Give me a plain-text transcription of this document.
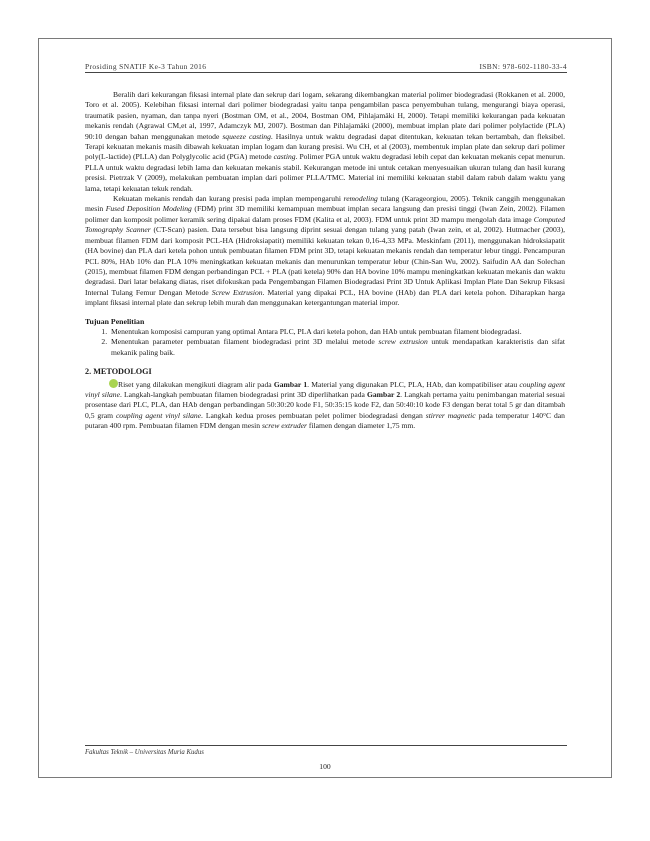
Prosiding SNATIF Ke-3 Tahun 2016	ISBN: 978-602-1180-33-4

Beralih dari kekurangan fiksasi internal plate dan sekrup dari logam, sekarang dikembangkan material polimer biodegradasi (Rokkanen et al. 2000, Toro et al. 2005). Kelebihan fiksasi internal dari polimer biodegradasi yaitu tanpa pengambilan pasca penyembuhan tulang, mengurangi biaya operasi, traumatik pasien, nyaman, dan tanpa nyeri (Bostman OM, et al., 2004, Bostman OM, Pihlajamäki H, 2000). Tetapi memiliki kekurangan pada kekuatan mekanis rendah (Agrawal CM,et al, 1997, Adamczyk MJ, 2007). Bostman dan Pihlajamäki (2000), membuat implan plate dari polimer polylactide (PLA) 90:10 dengan bahan menggunakan metode squeeze casting. Hasilnya untuk waktu degradasi dapat ditentukan, kekuatan tekan bertambah, dan fleksibel. Terapi kekuatan mekanis masih dibawah kekuatan implan logam dan kurang presisi. Wu CH, et al (2003), membentuk implan plate dan sekrup dari polimer poly(L-lactide) (PLLA) dan Polyglycolic acid (PGA) metode casting. Polimer PGA untuk waktu degradasi lebih cepat dan kekuatan mekanis cepat menurun. PLLA untuk waktu degradasi lebih lama dan kekuatan mekanis stabil. Kekurangan metode ini untuk cetakan menyesuaikan ukuran tulang dan hasil kurang presisi. Pietrzak V (2009), melakukan pembuatan implan dari polimer PLLA/TMC. Material ini memiliki kekuatan stabil dalam rabuh dalam waktu yang lama, tetapi kekuatan tekuk rendah.

Kekuatan mekanis rendah dan kurang presisi pada implan mempengaruhi remodeling tulang (Karageorgiou, 2005). Teknik canggih menggunakan mesin Fused Deposition Modeling (FDM) print 3D memiliki kemampuan membuat implan secara langsung dan presisi tinggi (Iwan Zein, 2002). Filamen polimer dan komposit polimer keramik sering dipakai dalam proses FDM (Kalita et al, 2003). FDM untuk print 3D mampu mengolah data image Computed Tomography Scanner (CT-Scan) pasien. Data tersebut bisa langsung diprint sesuai dengan tulang yang patah (Iwan zein, et al, 2002). Hutmacher (2003), membuat filamen FDM dari komposit PCL-HA (Hidroksiapatit) memiliki kekuatan tekan 0,16-4,33 MPa. Meskinfam (2011), menggunakan hidroksiapatit (HA bovine) dan PLA dari ketela pohon untuk pembuatan filamen FDM print 3D, tetapi kekuatan mekanis rendah dan temperatur lebur tinggi. Pencampuran PCL 80%, HAb 10% dan PLA 10% meningkatkan kekuatan mekanis dan menurunkan temperatur lebur (Chin-San Wu, 2002). Saifudin AA dan Solechan (2015), membuat filamen FDM dengan perbandingan PCL + PLA (pati ketela) 90% dan HA bovine 10% mampu meningkatkan kekuatan mekanis dan waktu degradasi. Dari latar belakang diatas, riset difokuskan pada Pengembangan Filamen Biodegradasi Print 3D Untuk Aplikasi Implan Plate Dan Sekrup Fiksasi Internal Tulang Femur Dengan Metode Screw Extrusion. Material yang dipakai PCL, HA bovine (HAb) dan PLA dari ketela pohon. Diharapkan harga implant fiksasi internal plate dan sekrup lebih murah dan menggunakan ketergantungan material impor.

Tujuan Penelitian
1. Menentukan komposisi campuran yang optimal Antara PLC, PLA dari ketela pohon, dan HAb untuk pembuatan filament biodegradasi.
2. Menentukan parameter pembuatan filament biodegradasi print 3D melalui metode screw extrusion untuk mendapatkan karakteristis dan sifat mekanik paling baik.
2. METODOLOGI

Riset yang dilakukan mengikuti diagram alir pada Gambar 1. Material yang digunakan PLC, PLA, HAb, dan kompatibiliser atau coupling agent vinyl silane. Langkah-langkah pembuatan filamen biodegradasi print 3D diperlihatkan pada Gambar 2. Langkah pertama yaitu penimbangan material sesuai prosentase dari PLC, PLA, dan HAb dengan perbandingan 50:30:20 kode F1, 50:35:15 kode F2, dan 50:40:10 kode F3 dengan berat total 5 gr dan ditambah 0,5 gram coupling agent vinyl silane. Langkah kedua proses pembuatan pelet polimer biodegradasi dengan stirrer magnetic pada temperatur 140°C dan putaran 400 rpm. Pembuatan filamen FDM dengan mesin screw extruder filamen dengan diameter 1,75 mm.

Fakultas Teknik – Universitas Muria Kudus
100
